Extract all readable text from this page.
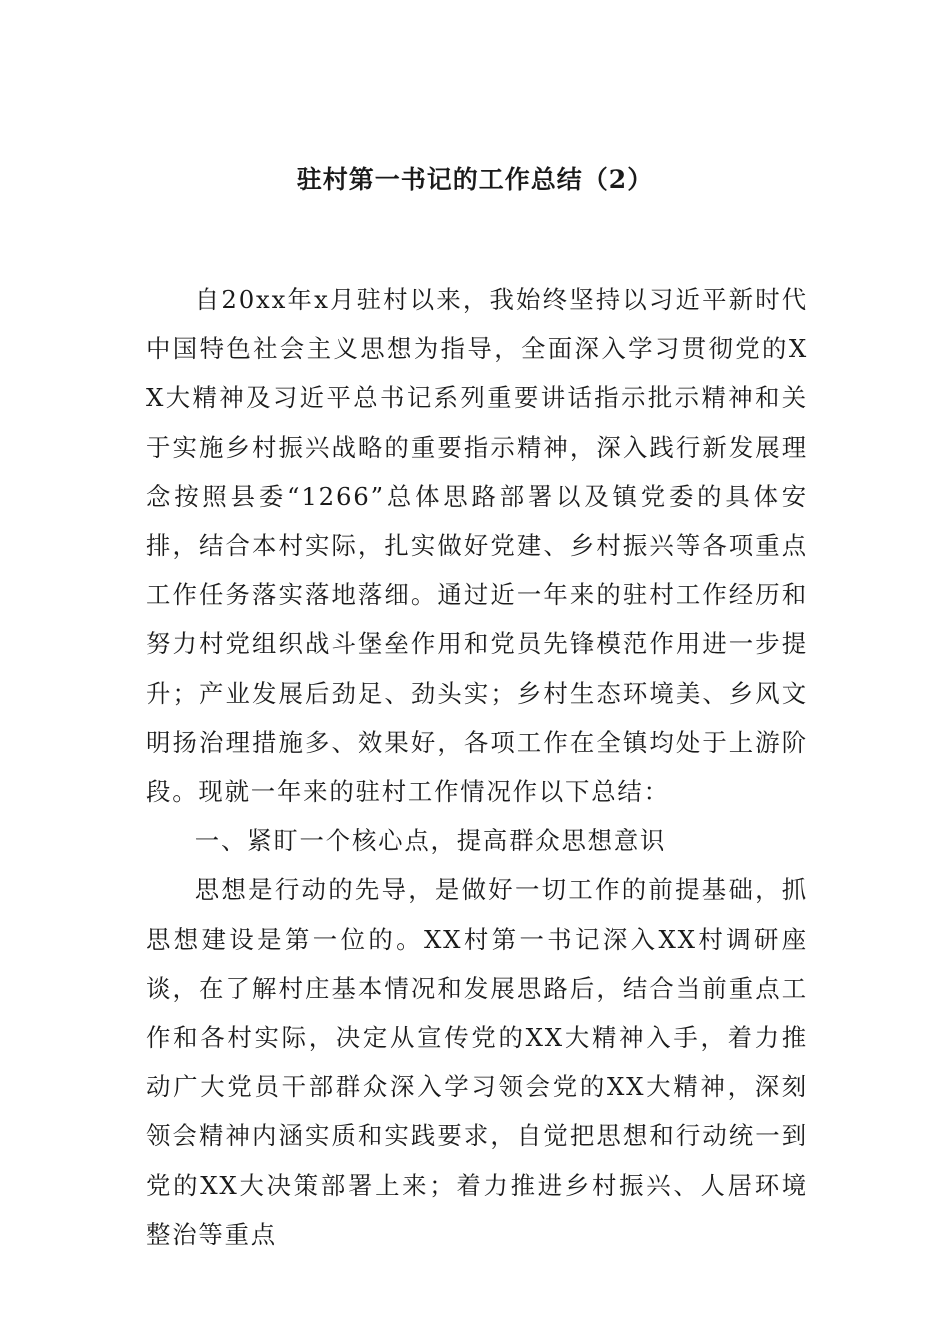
驻村第一书记的工作总结（2）

自20xx年x月驻村以来，我始终坚持以习近平新时代中国特色社会主义思想为指导，全面深入学习贯彻党的XX大精神及习近平总书记系列重要讲话指示批示精神和关于实施乡村振兴战略的重要指示精神，深入践行新发展理念按照县委“1266”总体思路部署以及镇党委的具体安排，结合本村实际，扎实做好党建、乡村振兴等各项重点工作任务落实落地落细。通过近一年来的驻村工作经历和努力村党组织战斗堡垒作用和党员先锋模范作用进一步提升；产业发展后劲足、劲头实；乡村生态环境美、乡风文明扬治理措施多、效果好，各项工作在全镇均处于上游阶段。现就一年来的驻村工作情况作以下总结：

一、紧盯一个核心点，提高群众思想意识

思想是行动的先导，是做好一切工作的前提基础，抓思想建设是第一位的。XX村第一书记深入XX村调研座谈，在了解村庄基本情况和发展思路后，结合当前重点工作和各村实际，决定从宣传党的XX大精神入手，着力推动广大党员干部群众深入学习领会党的XX大精神，深刻领会精神内涵实质和实践要求，自觉把思想和行动统一到党的XX大决策部署上来；着力推进乡村振兴、人居环境整治等重点
